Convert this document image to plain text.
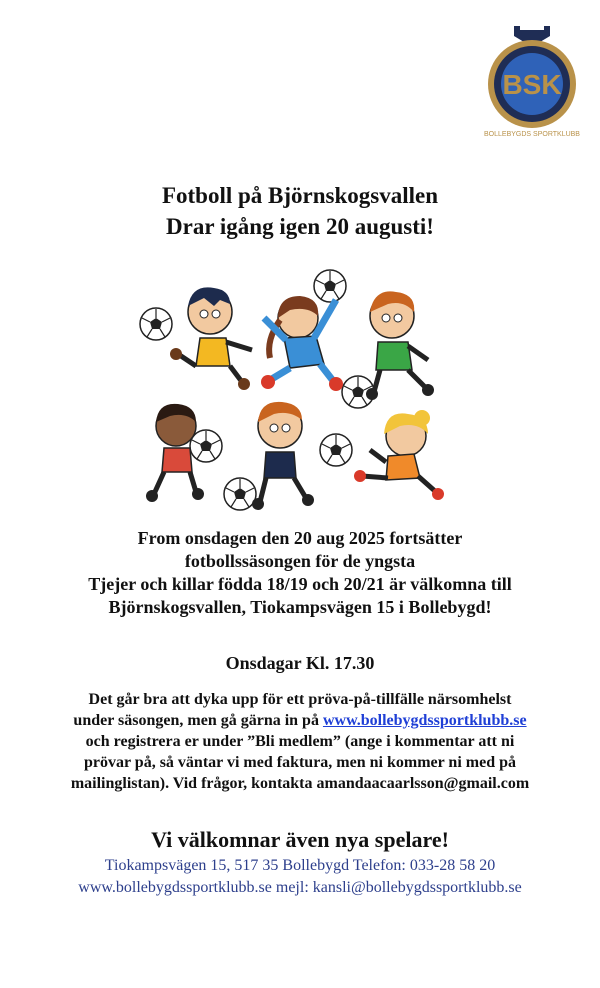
BSK
BOLLEBYGDS SPORTKLUBB
Fotboll på Björnskogsvallen
Drar igång igen 20 augusti!
From onsdagen den 20 aug 2025 fortsätter
fotbollssäsongen för de yngsta
Tjejer och killar födda 18/19 och 20/21 är välkomna till
Björnskogsvallen, Tiokampsvägen 15 i Bollebygd!
Onsdagar Kl. 17.30
Det går bra att dyka upp för ett pröva-på-tillfälle närsomhelst
under säsongen, men gå gärna in på www.bollebygdssportklubb.se
och registrera er under ”Bli medlem” (ange i kommentar att ni
prövar på, så väntar vi med faktura, men ni kommer ni med på
mailinglistan). Vid frågor, kontakta amandaacaarlsson@gmail.com
Vi välkomnar även nya spelare!
Tiokampsvägen 15, 517 35 Bollebygd Telefon: 033-28 58 20
www.bollebygdssportklubb.se mejl: kansli@bollebygdssportklubb.se
